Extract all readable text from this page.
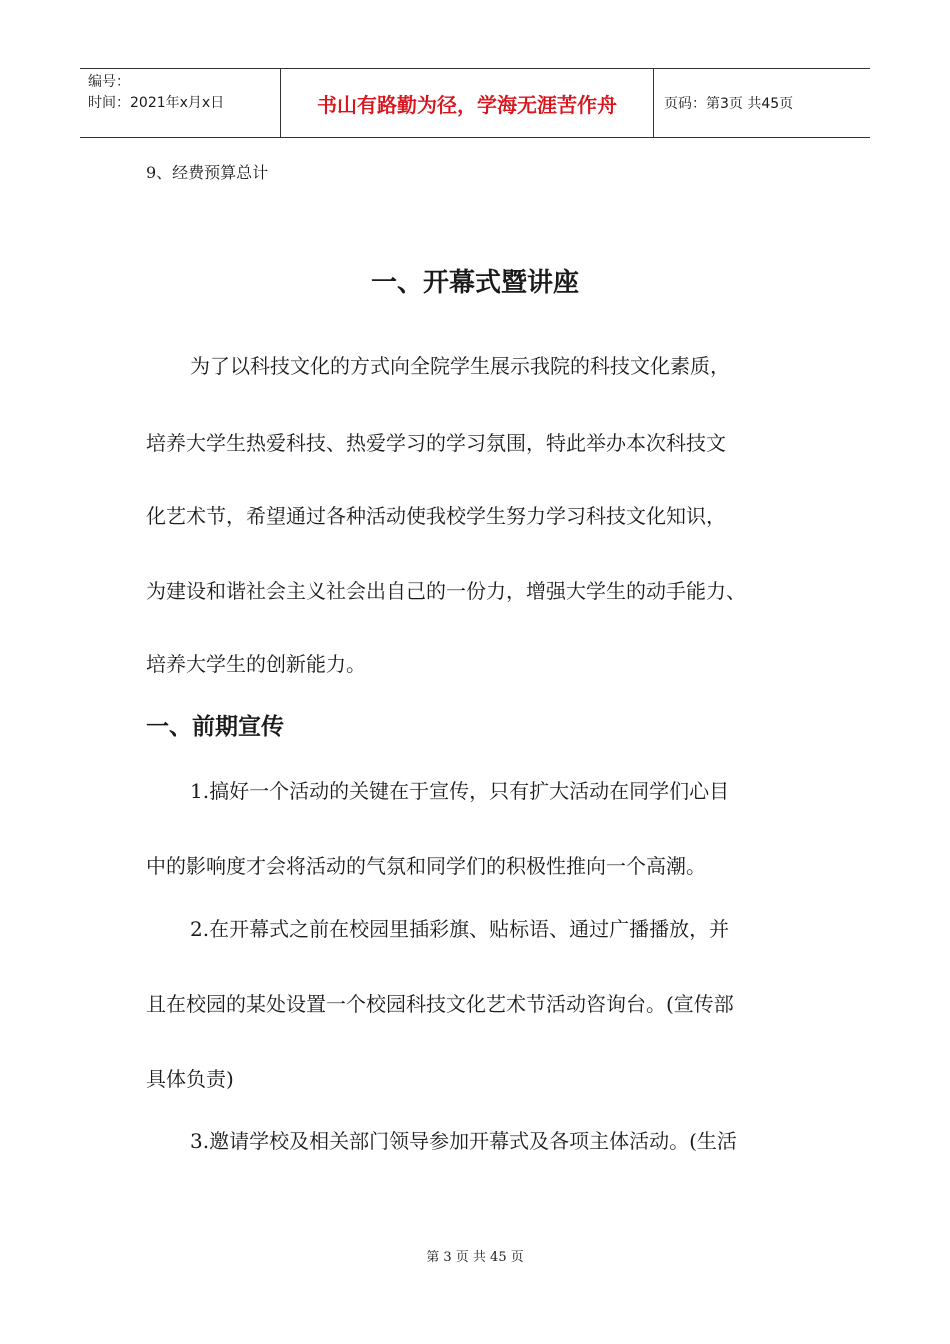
编号：
时间：2021年x月x日	书山有路勤为径，学海无涯苦作舟	页码：第3页 共45页
9、经费预算总计
一、开幕式暨讲座
为了以科技文化的方式向全院学生展示我院的科技文化素质，
培养大学生热爱科技、热爱学习的学习氛围，特此举办本次科技文
化艺术节，希望通过各种活动使我校学生努力学习科技文化知识，
为建设和谐社会主义社会出自己的一份力，增强大学生的动手能力、
培养大学生的创新能力。
一、前期宣传
1.搞好一个活动的关键在于宣传，只有扩大活动在同学们心目
中的影响度才会将活动的气氛和同学们的积极性推向一个高潮。
2.在开幕式之前在校园里插彩旗、贴标语、通过广播播放，并
且在校园的某处设置一个校园科技文化艺术节活动咨询台。(宣传部
具体负责)
3.邀请学校及相关部门领导参加开幕式及各项主体活动。(生活
第 3 页 共 45 页
